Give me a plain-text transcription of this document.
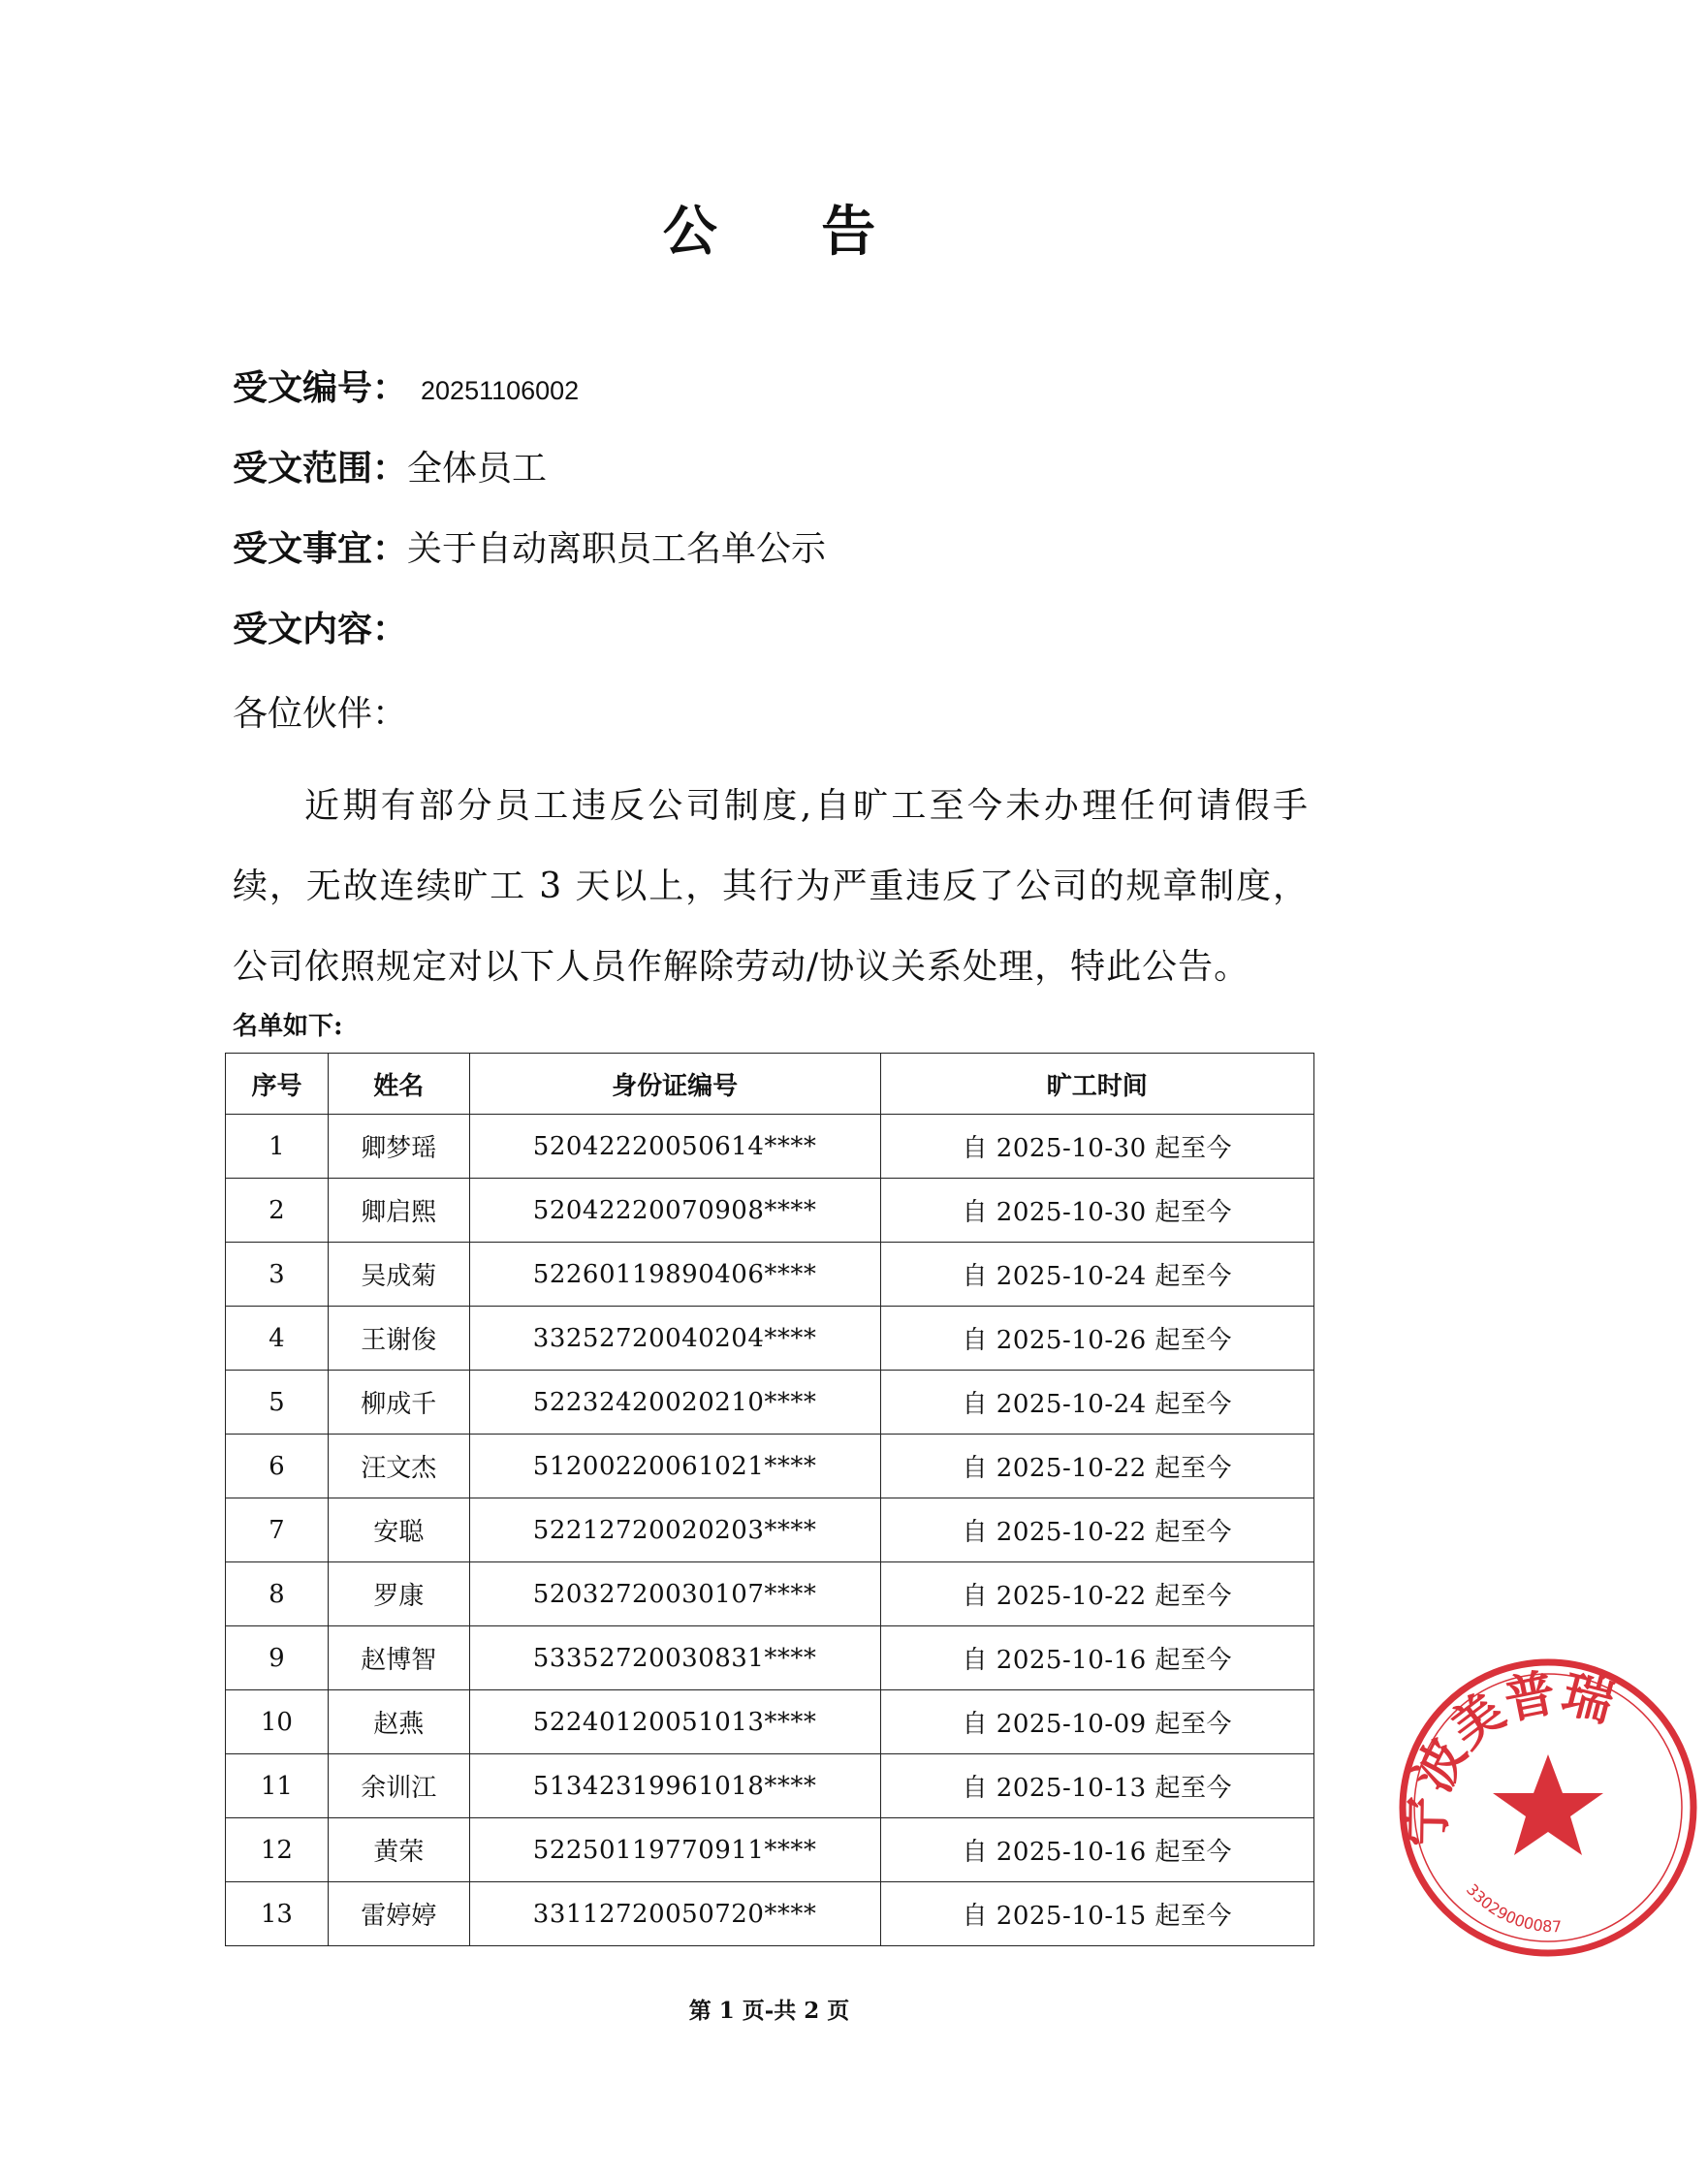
公 告
受文编号： 20251106002
受文范围：全体员工
受文事宜：关于自动离职员工名单公示
受文内容：
各位伙伴：
近期有部分员工违反公司制度,自旷工至今未办理任何请假手续，无故连续旷工 3 天以上，其行为严重违反了公司的规章制度，公司依照规定对以下人员作解除劳动/协议关系处理，特此公告。
名单如下:
序号	姓名	身份证编号	旷工时间
1	卿梦瑶	52042220050614****	自 2025-10-30 起至今
2	卿启熙	52042220070908****	自 2025-10-30 起至今
3	吴成菊	52260119890406****	自 2025-10-24 起至今
4	王谢俊	33252720040204****	自 2025-10-26 起至今
5	柳成千	52232420020210****	自 2025-10-24 起至今
6	汪文杰	51200220061021****	自 2025-10-22 起至今
7	安聪	52212720020203****	自 2025-10-22 起至今
8	罗康	52032720030107****	自 2025-10-22 起至今
9	赵博智	53352720030831****	自 2025-10-16 起至今
10	赵燕	52240120051013****	自 2025-10-09 起至今
11	余训江	51342319961018****	自 2025-10-13 起至今
12	黄荣	52250119770911****	自 2025-10-16 起至今
13	雷婷婷	33112720050720****	自 2025-10-15 起至今
第 1 页-共 2 页
宁波美普瑞
33029000087
